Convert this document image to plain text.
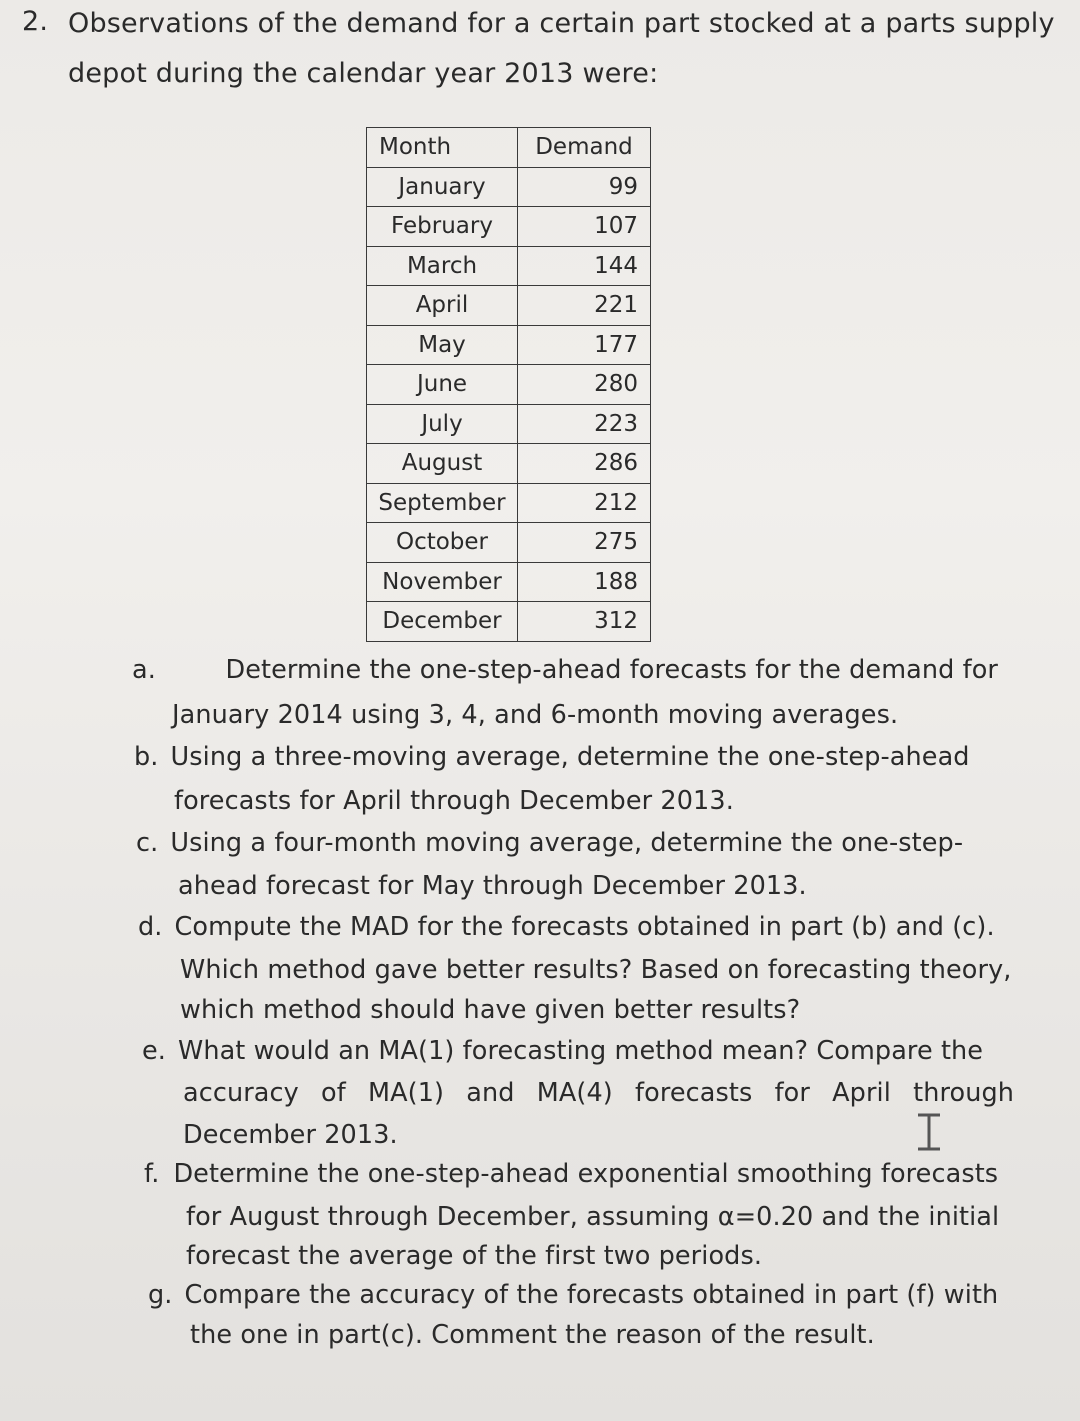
2. Observations of the demand for a certain part stocked at a parts supply
depot during the calendar year 2013 were:
Month	Demand
January	99
February	107
March	144
April	221
May	177
June	280
July	223
August	286
September	212
October	275
November	188
December	312
a.	Determine the one-step-ahead forecasts for the demand for
January 2014 using 3, 4, and 6-month moving averages.
b. Using a three-moving average, determine the one-step-ahead
forecasts for April through December 2013.
c. Using a four-month moving average, determine the one-step-
ahead forecast for May through December 2013.
d. Compute the MAD for the forecasts obtained in part (b) and (c).
Which method gave better results? Based on forecasting theory,
which method should have given better results?
e. What would an MA(1) forecasting method mean? Compare the
accuracy of MA(1) and MA(4) forecasts for April through
December 2013.
f. Determine the one-step-ahead exponential smoothing forecasts
for August through December, assuming α=0.20 and the initial
forecast the average of the first two periods.
g. Compare the accuracy of the forecasts obtained in part (f) with
the one in part(c). Comment the reason of the result.
